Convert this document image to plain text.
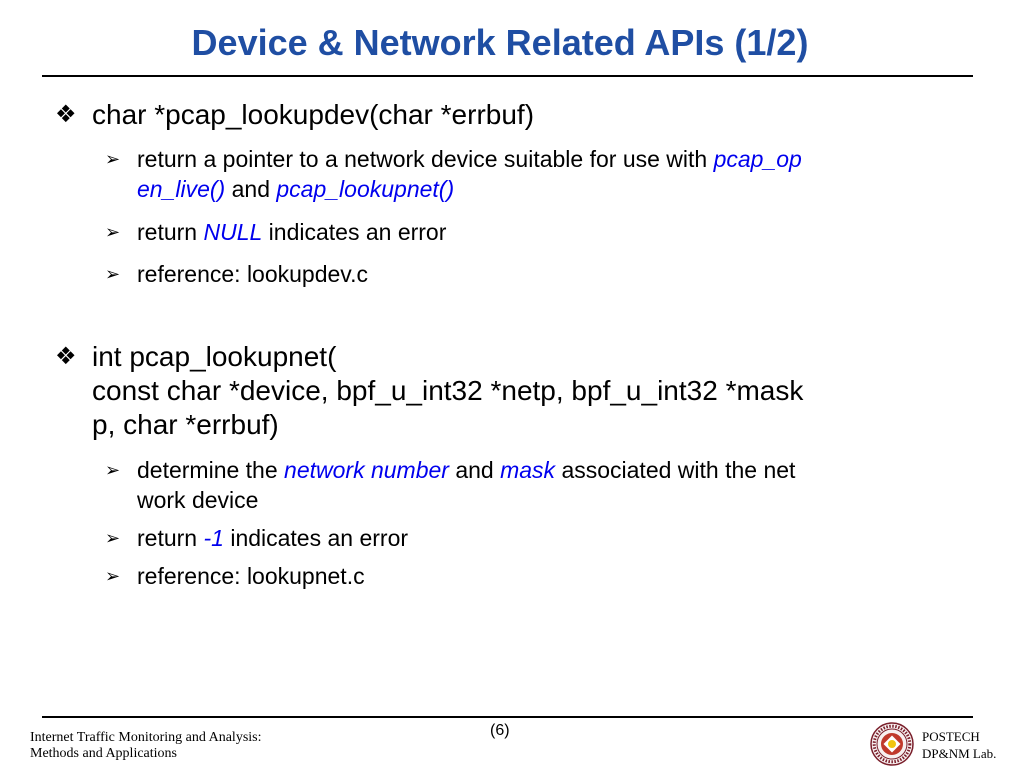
Device & Network Related APIs (1/2)
❖ char *pcap_lookupdev(char *errbuf)
➢ return a pointer to a network device suitable for use with pcap_op
en_live() and pcap_lookupnet()
➢ return NULL indicates an error
➢ reference: lookupdev.c
❖ int pcap_lookupnet(
const char *device, bpf_u_int32 *netp, bpf_u_int32 *mask
p, char *errbuf)
➢ determine the network number and mask associated with the net
work device
➢ return -1 indicates an error
➢ reference: lookupnet.c
Internet Traffic Monitoring and Analysis:
Methods and Applications
(6)	POSTECH
DP&NM Lab.
